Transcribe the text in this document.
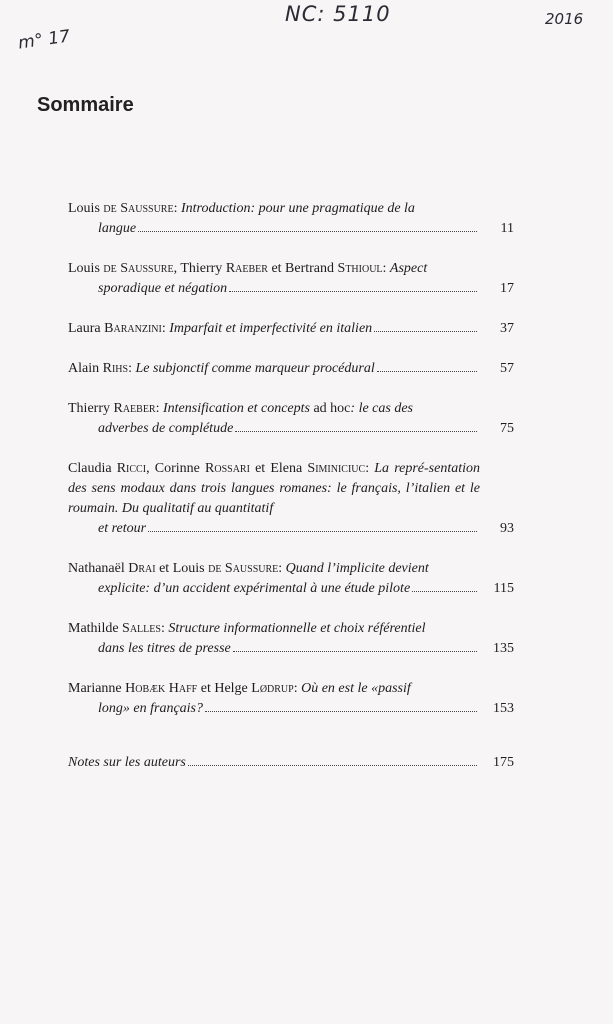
m° 17
NC: 5110	2016
Sommaire
Louis de Saussure: Introduction: pour une pragmatique de la
langue	11
Louis de Saussure, Thierry Raeber et Bertrand Sthioul: Aspect
sporadique et négation	17
Laura Baranzini: Imparfait et imperfectivité en italien	37
Alain Rihs: Le subjonctif comme marqueur procédural	57
Thierry Raeber: Intensification et concepts ad hoc: le cas des
adverbes de complétude	75
Claudia Ricci, Corinne Rossari et Elena Siminiciuc: La repré-sentation des sens modaux dans trois langues romanes: le français, l’italien et le roumain. Du qualitatif au quantitatif
et retour	93
Nathanaël Drai et Louis de Saussure: Quand l’implicite devient
explicite: d’un accident expérimental à une étude pilote	115
Mathilde Salles: Structure informationnelle et choix référentiel
dans les titres de presse	135
Marianne Hobæk Haff et Helge Lødrup: Où en est le «passif
long» en français?	153
Notes sur les auteurs	175
